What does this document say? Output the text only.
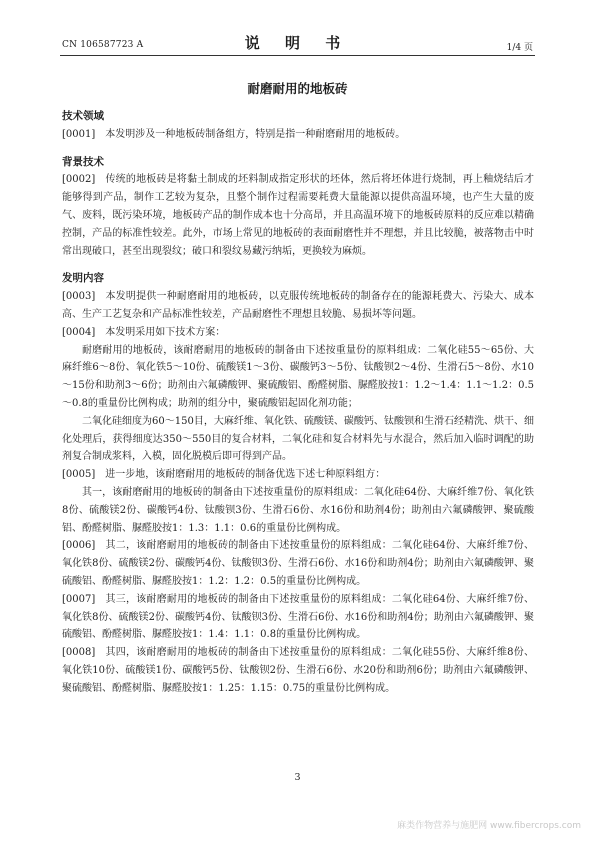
CN 106587723 A	说 明 书	1/4 页
耐磨耐用的地板砖
技术领域

[0001] 本发明涉及一种地板砖制备组方，特别是指一种耐磨耐用的地板砖。

背景技术

[0002] 传统的地板砖是将黏土制成的坯料制成指定形状的坯体，然后将坯体进行烧制，再上釉烧结后才能够得到产品，制作工艺较为复杂，且整个制作过程需要耗费大量能源以提供高温环境，也产生大量的废气、废料，既污染环境，地板砖产品的制作成本也十分高昂，并且高温环境下的地板砖原料的反应难以精确控制，产品的标准性较差。此外，市场上常见的地板砖的表面耐磨性并不理想，并且比较脆，被落物击中时常出现破口，甚至出现裂纹；破口和裂纹易藏污纳垢，更换较为麻烦。

发明内容

[0003] 本发明提供一种耐磨耐用的地板砖，以克服传统地板砖的制备存在的能源耗费大、污染大、成本高、生产工艺复杂和产品标准性较差，产品耐磨性不理想且较脆、易损坏等问题。

[0004] 本发明采用如下技术方案：

耐磨耐用的地板砖，该耐磨耐用的地板砖的制备由下述按重量份的原料组成：二氧化硅55～65份、大麻纤维6～8份、氧化铁5～10份、硫酸镁1～3份、碳酸钙3～5份、钛酸钡2～4份、生滑石5～8份、水10～15份和助剂3～6份；助剂由六氟磷酸钾、聚硫酸铝、酚醛树脂、脲醛胶按1：1.2～1.4：1.1～1.2：0.5～0.8的重量份比例构成；助剂的组分中，聚硫酸铝起固化剂功能；

二氧化硅细度为60～150目，大麻纤维、氧化铁、硫酸镁、碳酸钙、钛酸钡和生滑石经精洗、烘干、细化处理后，获得细度达350～550目的复合材料，二氧化硅和复合材料先与水混合，然后加入临时调配的助剂复合制成浆料，入模，固化脱模后即可得到产品。

[0005] 进一步地，该耐磨耐用的地板砖的制备优选下述七种原料组方：

其一，该耐磨耐用的地板砖的制备由下述按重量份的原料组成：二氧化硅64份、大麻纤维7份、氧化铁8份、硫酸镁2份、碳酸钙4份、钛酸钡3份、生滑石6份、水16份和助剂4份；助剂由六氟磷酸钾、聚硫酸铝、酚醛树脂、脲醛胶按1：1.3：1.1：0.6的重量份比例构成。

[0006] 其二，该耐磨耐用的地板砖的制备由下述按重量份的原料组成：二氧化硅64份、大麻纤维7份、氧化铁8份、硫酸镁2份、碳酸钙4份、钛酸钡3份、生滑石6份、水16份和助剂4份；助剂由六氟磷酸钾、聚硫酸铝、酚醛树脂、脲醛胶按1：1.2：1.2：0.5的重量份比例构成。

[0007] 其三，该耐磨耐用的地板砖的制备由下述按重量份的原料组成：二氧化硅64份、大麻纤维7份、氧化铁8份、硫酸镁2份、碳酸钙4份、钛酸钡3份、生滑石6份、水16份和助剂4份；助剂由六氟磷酸钾、聚硫酸铝、酚醛树脂、脲醛胶按1：1.4：1.1：0.8的重量份比例构成。

[0008] 其四，该耐磨耐用的地板砖的制备由下述按重量份的原料组成：二氧化硅55份、大麻纤维8份、氧化铁10份、硫酸镁1份、碳酸钙5份、钛酸钡2份、生滑石6份、水20份和助剂6份；助剂由六氟磷酸钾、聚硫酸铝、酚醛树脂、脲醛胶按1：1.25：1.15：0.75的重量份比例构成。

3
麻类作物营养与施肥网 www.fibercrops.com
